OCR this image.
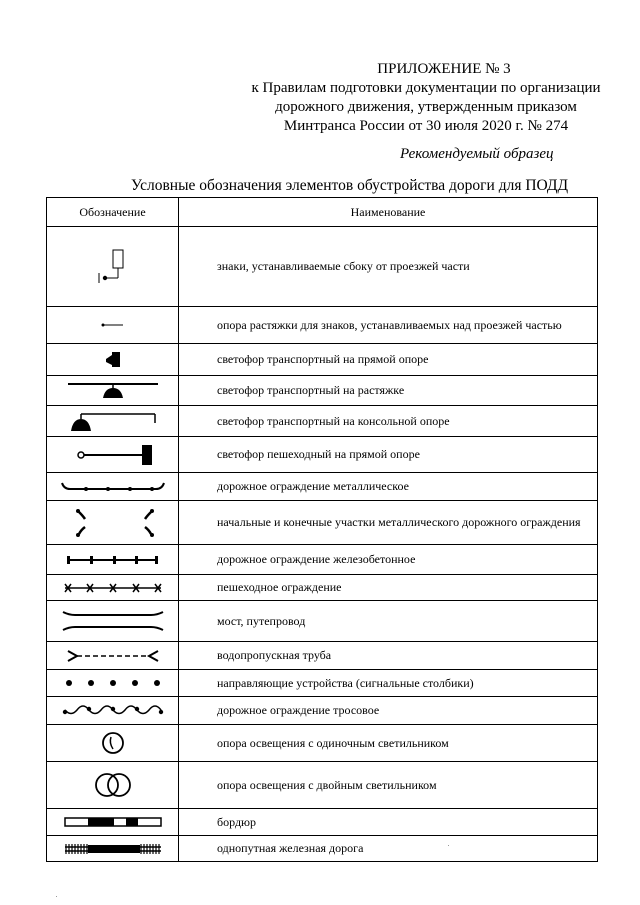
ПРИЛОЖЕНИЕ № 3
к Правилам подготовки документации по организации
дорожного движения, утвержденным приказом
Минтранса России от 30 июля 2020 г. № 274
Рекомендуемый образец
Условные обозначения элементов обустройства дороги для ПОДД
Обозначение	Наименование

	знаки, устанавливаемые сбоку от проезжей части

	опора растяжки для знаков, устанавливаемых над проезжей частью

	светофор транспортный на прямой опоре

	светофор транспортный на растяжке

	светофор транспортный на консольной опоре

	светофор пешеходный на прямой опоре

	дорожное ограждение металлическое

	начальные и конечные участки металлического дорожного ограждения

	дорожное ограждение железобетонное

	пешеходное ограждение

	мост, путепровод

	водопропускная труба

	направляющие устройства (сигнальные столбики)

	дорожное ограждение тросовое

	опора освещения с одиночным светильником

	опора освещения с двойным светильником

	бордюр

	однопутная железная дорога
